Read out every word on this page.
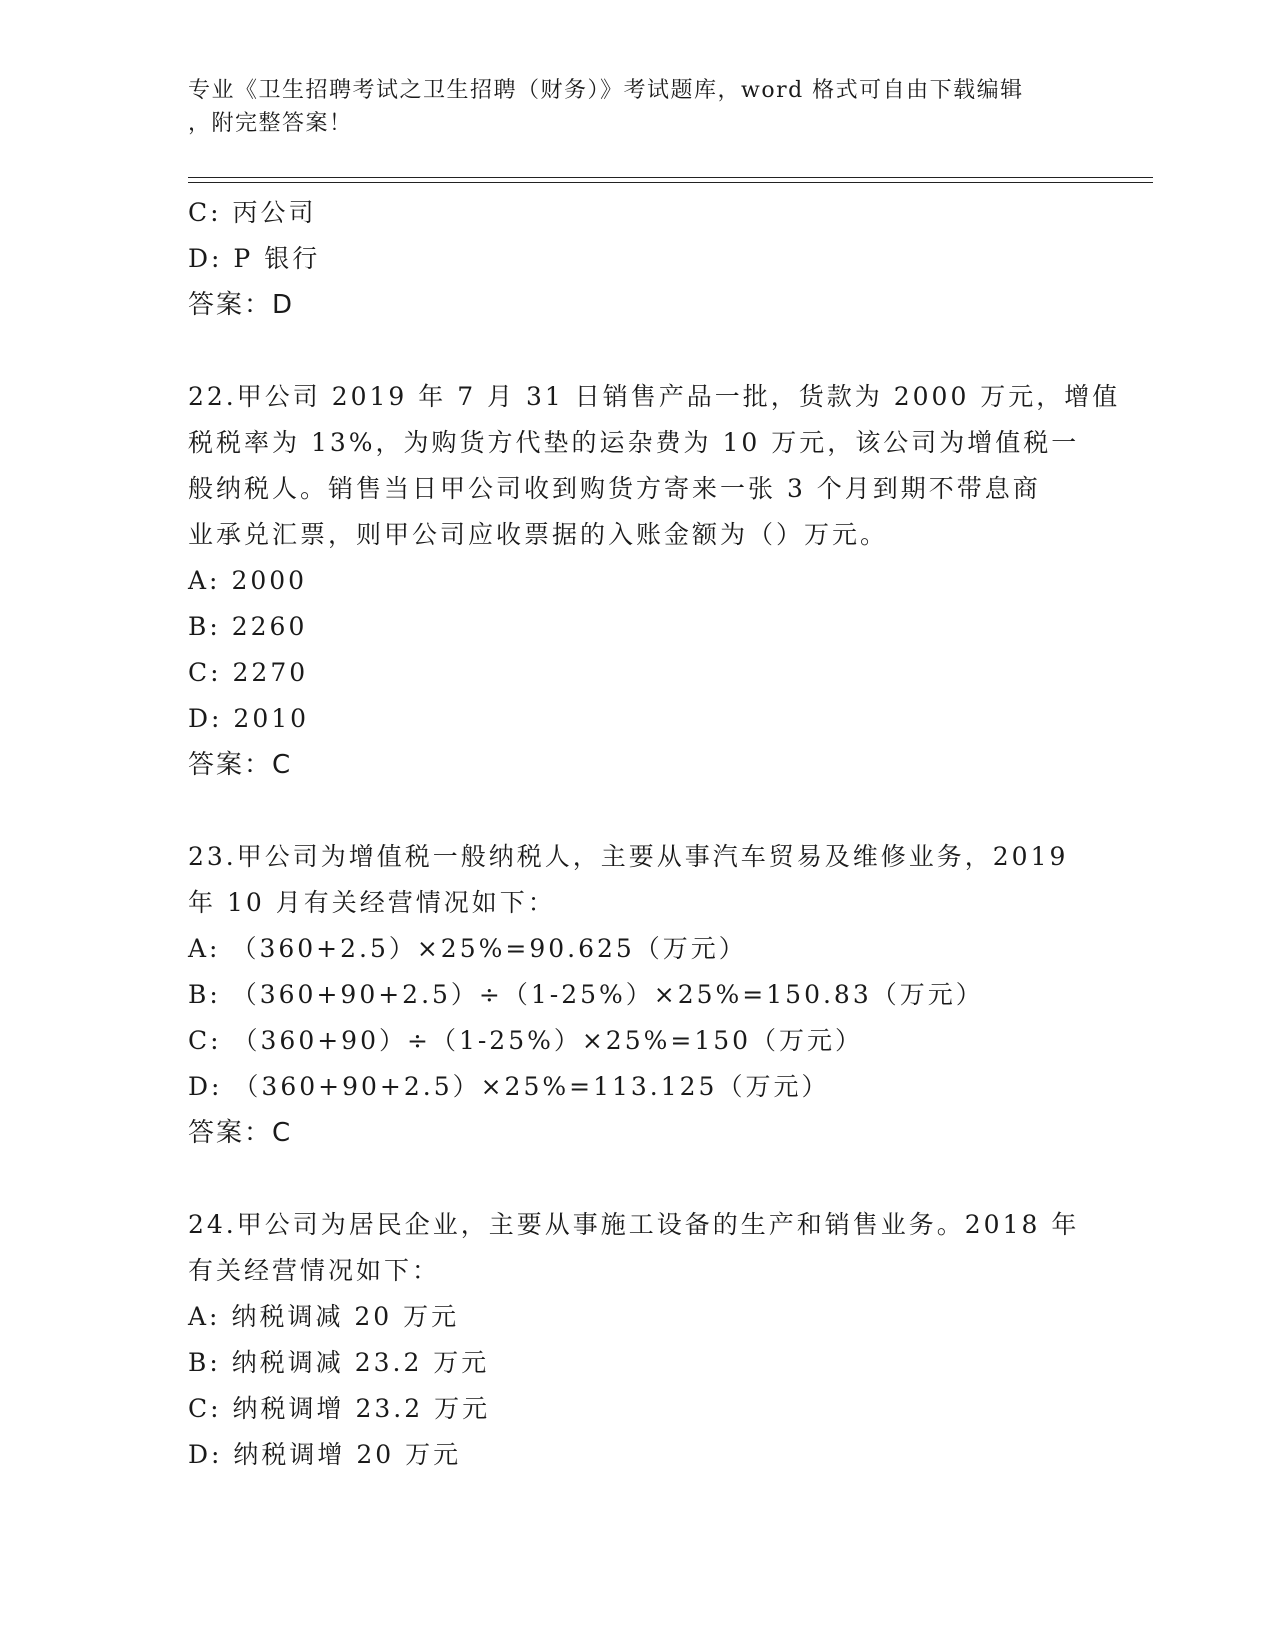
专业《卫生招聘考试之卫生招聘（财务）》考试题库，word 格式可自由下载编辑
，附完整答案！
C: 丙公司
D: P 银行
答案：D
22.甲公司 2019 年 7 月 31 日销售产品一批，货款为 2000 万元，增值
税税率为 13%，为购货方代垫的运杂费为 10 万元，该公司为增值税一
般纳税人。销售当日甲公司收到购货方寄来一张 3 个月到期不带息商
业承兑汇票，则甲公司应收票据的入账金额为（）万元。
A: 2000
B: 2260
C: 2270
D: 2010
答案：C
23.甲公司为增值税一般纳税人，主要从事汽车贸易及维修业务，2019
年 10 月有关经营情况如下：
A: （360+2.5）×25%=90.625（万元）
B: （360+90+2.5）÷（1-25%）×25%=150.83（万元）
C: （360+90）÷（1-25%）×25%=150（万元）
D: （360+90+2.5）×25%=113.125（万元）
答案：C
24.甲公司为居民企业，主要从事施工设备的生产和销售业务。2018 年
有关经营情况如下：
A: 纳税调减 20 万元
B: 纳税调减 23.2 万元
C: 纳税调增 23.2 万元
D: 纳税调增 20 万元
